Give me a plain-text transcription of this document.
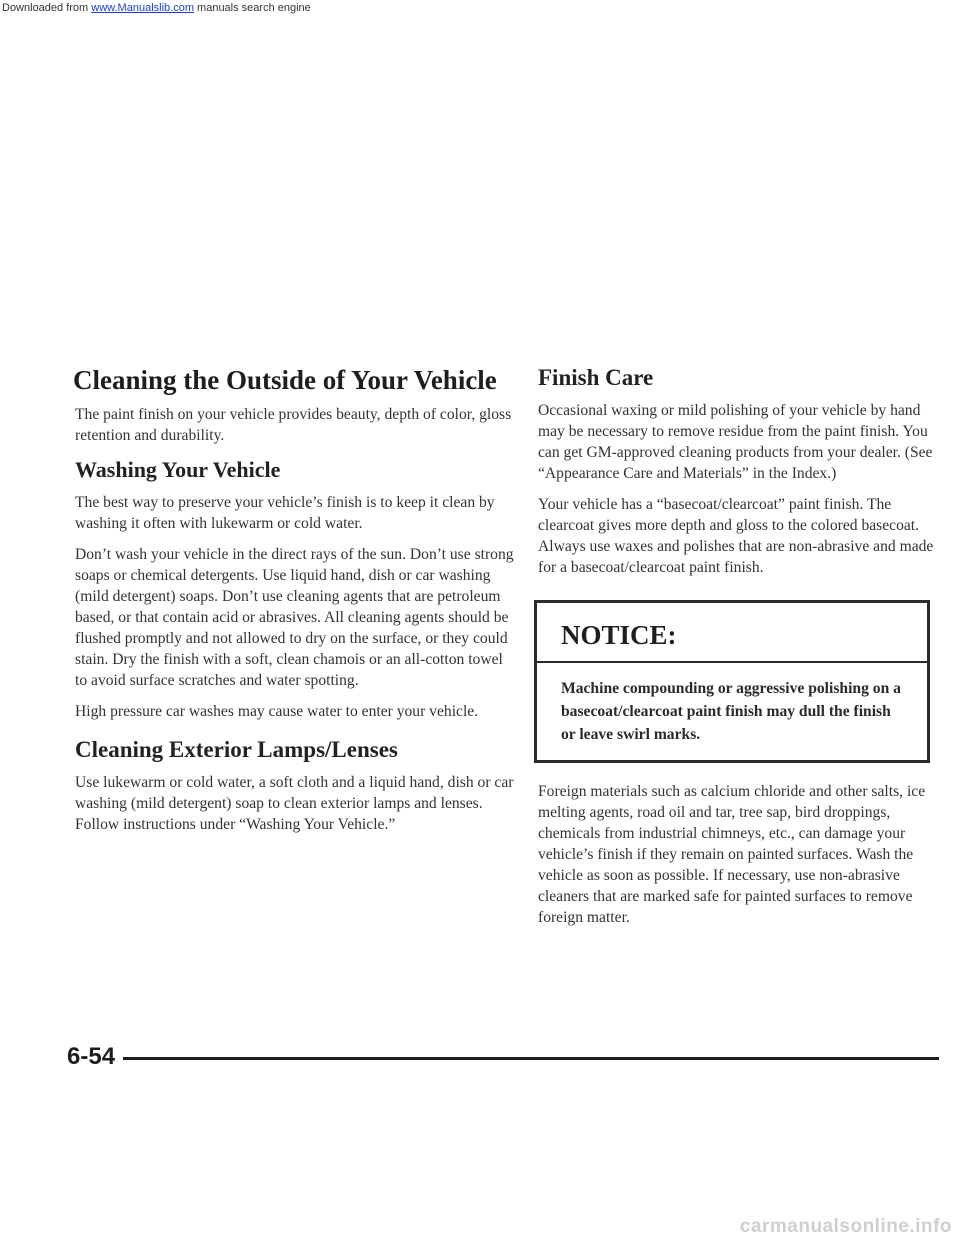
Downloaded from www.Manualslib.com manuals search engine
Cleaning the Outside of Your Vehicle

The paint finish on your vehicle provides beauty, depth of color, gloss retention and durability.

Washing Your Vehicle

The best way to preserve your vehicle’s finish is to keep it clean by washing it often with lukewarm or cold water.

Don’t wash your vehicle in the direct rays of the sun. Don’t use strong soaps or chemical detergents. Use liquid hand, dish or car washing (mild detergent) soaps. Don’t use cleaning agents that are petroleum based, or that contain acid or abrasives. All cleaning agents should be flushed promptly and not allowed to dry on the surface, or they could stain. Dry the finish with a soft, clean chamois or an all-cotton towel to avoid surface scratches and water spotting.

High pressure car washes may cause water to enter your vehicle.

Cleaning Exterior Lamps/Lenses

Use lukewarm or cold water, a soft cloth and a liquid hand, dish or car washing (mild detergent) soap to clean exterior lamps and lenses. Follow instructions under “Washing Your Vehicle.”

Finish Care

Occasional waxing or mild polishing of your vehicle by hand may be necessary to remove residue from the paint finish. You can get GM-approved cleaning products from your dealer. (See “Appearance Care and Materials” in the Index.)

Your vehicle has a “basecoat/clearcoat” paint finish. The clearcoat gives more depth and gloss to the colored basecoat. Always use waxes and polishes that are non-abrasive and made for a basecoat/clearcoat paint finish.

NOTICE:
Machine compounding or aggressive polishing on a basecoat/clearcoat paint finish may dull the finish or leave swirl marks.

Foreign materials such as calcium chloride and other salts, ice melting agents, road oil and tar, tree sap, bird droppings, chemicals from industrial chimneys, etc., can damage your vehicle’s finish if they remain on painted surfaces. Wash the vehicle as soon as possible. If necessary, use non-abrasive cleaners that are marked safe for painted surfaces to remove foreign matter.

6-54
carmanualsonline.info
